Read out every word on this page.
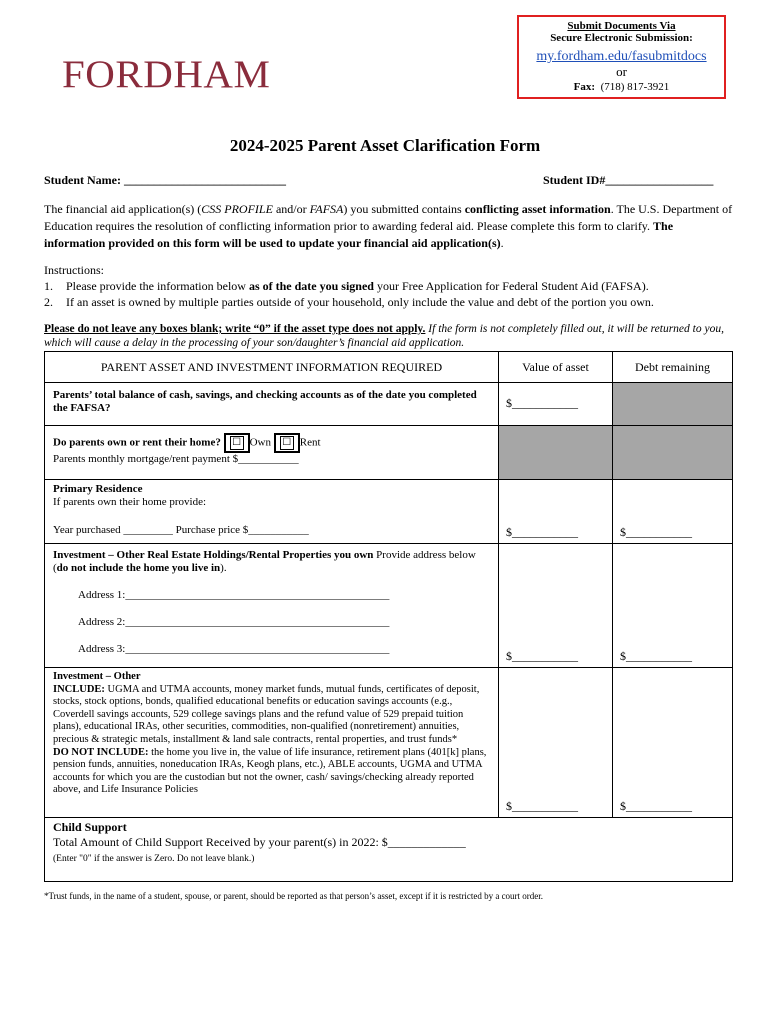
FORDHAM
Submit Documents Via
Secure Electronic Submission:
my.fordham.edu/fasubmitdocs
or
Fax: (718) 817-3921
2024-2025 Parent Asset Clarification Form
Student Name: ___________________________	Student ID#__________________
The financial aid application(s) (CSS PROFILE and/or FAFSA) you submitted contains conflicting asset information. The U.S. Department of Education requires the resolution of conflicting information prior to awarding federal aid. Please complete this form to clarify. The information provided on this form will be used to update your financial aid application(s).
Instructions:
1.	Please provide the information below as of the date you signed your Free Application for Federal Student Aid (FAFSA).
2.	If an asset is owned by multiple parties outside of your household, only include the value and debt of the portion you own.
Please do not leave any boxes blank; write “0” if the asset type does not apply. If the form is not completely filled out, it will be returned to you, which will cause a delay in the processing of your son/daughter’s financial aid application.
PARENT ASSET AND INVESTMENT INFORMATION REQUIRED	Value of asset	Debt remaining

Parents’ total balance of cash, savings, and checking accounts as of the date you completed the FAFSA?	$___________	

Do parents own or rent their home? ☐ Own ☐ Rent
Parents monthly mortgage/rent payment $___________		

Primary Residence
If parents own their home provide:
Year purchased _________ Purchase price $___________	$___________	$___________

Investment – Other Real Estate Holdings/Rental Properties you own Provide address below (do not include the home you live in).
Address 1:________________________________________________
Address 2:________________________________________________
Address 3:________________________________________________	$___________	$___________

Investment – Other
INCLUDE: UGMA and UTMA accounts, money market funds, mutual funds, certificates of deposit, stocks, stock options, bonds, qualified educational benefits or education savings accounts (e.g., Coverdell savings accounts, 529 college savings plans and the refund value of 529 prepaid tuition plans), educational IRAs, other securities, commodities, non-qualified (nonretirement) annuities, precious & strategic metals, installment & land sale contracts, rental properties, and trust funds*
DO NOT INCLUDE: the home you live in, the value of life insurance, retirement plans (401[k] plans, pension funds, annuities, noneducation IRAs, Keogh plans, etc.), ABLE accounts, UGMA and UTMA accounts for which you are the custodian but not the owner, cash/ savings/checking already reported above, and Life Insurance Policies	$___________	$___________

Child Support
Total Amount of Child Support Received by your parent(s) in 2022: $_____________
(Enter "0" if the answer is Zero. Do not leave blank.)		
*Trust funds, in the name of a student, spouse, or parent, should be reported as that person’s asset, except if it is restricted by a court order.
